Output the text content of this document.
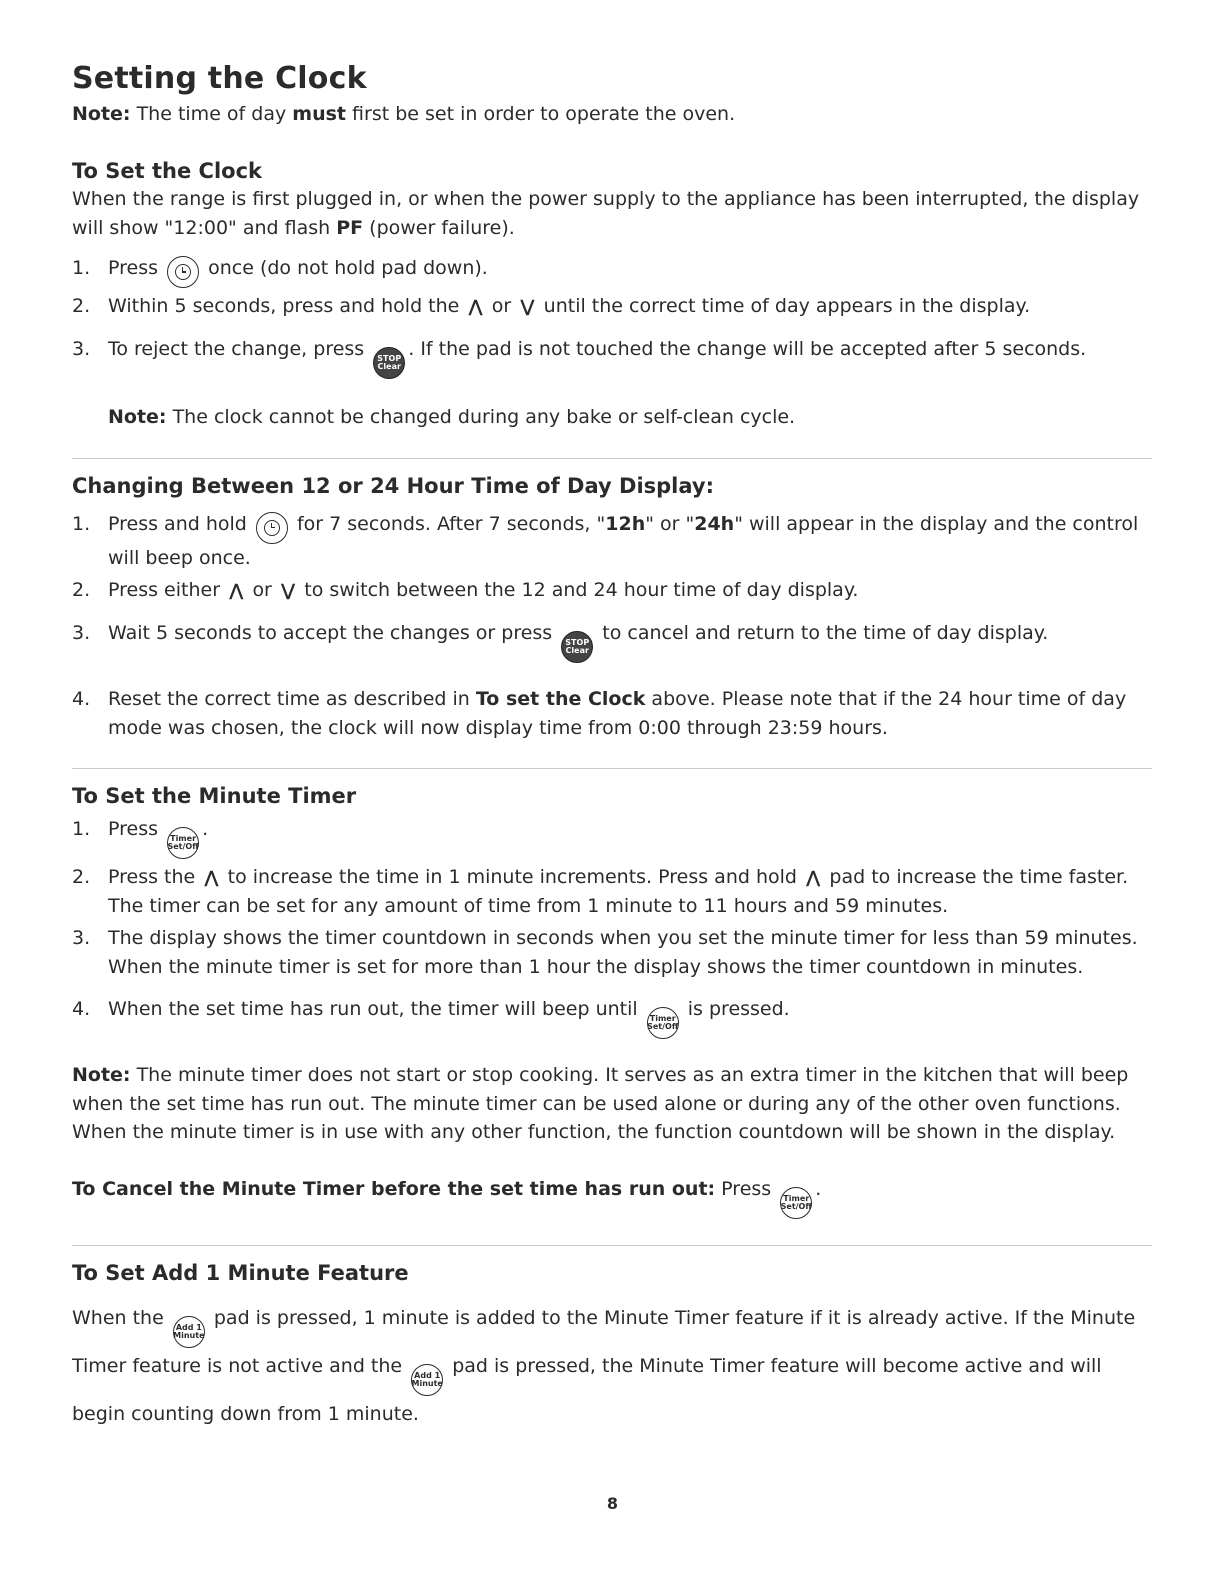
Setting the Clock

Note: The time of day must first be set in order to operate the oven.

To Set the Clock

When the range is first plugged in, or when the power supply to the appliance has been interrupted, the display will show "12:00" and flash PF (power failure).

1. Press	once (do not hold pad down).
2. Within 5 seconds, press and hold the ⋀ or ⋁ until the correct time of day appears in the display.
3. To reject the change, press STOP
Clear
. If the pad is not touched the change will be accepted after 5 seconds.

Note: The clock cannot be changed during any bake or self-clean cycle.

Changing Between 12 or 24 Hour Time of Day Display:
1. Press and hold	for 7 seconds. After 7 seconds, "12h" or "24h" will appear in the display and the control will beep once.
2. Press either ⋀ or ⋁ to switch between the 12 and 24 hour time of day display.
3. Wait 5 seconds to accept the changes or press STOP
Clear
to cancel and return to the time of day display.
4. Reset the correct time as described in To set the Clock above. Please note that if the 24 hour time of day mode was chosen, the clock will now display time from 0:00 through 23:59 hours.
To Set the Minute Timer
1. Press	Timer
Set/Off
.
2. Press the ⋀ to increase the time in 1 minute increments. Press and hold ⋀ pad to increase the time faster. The timer can be set for any amount of time from 1 minute to 11 hours and 59 minutes.
3. The display shows the timer countdown in seconds when you set the minute timer for less than 59 minutes. When the minute timer is set for more than 1 hour the display shows the timer countdown in minutes.
4. When the set time has run out, the timer will beep until	Timer
Set/Off
is pressed.

Note: The minute timer does not start or stop cooking. It serves as an extra timer in the kitchen that will beep when the set time has run out. The minute timer can be used alone or during any of the other oven functions. When the minute timer is in use with any other function, the function countdown will be shown in the display.

To Cancel the Minute Timer before the set time has run out: Press	Timer
Set/Off
.

To Set Add 1 Minute Feature

When the	Add 1
Minute
pad is pressed, 1 minute is added to the Minute Timer feature if it is already active. If the Minute Timer feature is not active and the	Add 1
Minute
pad is pressed, the Minute Timer feature will become active and will begin counting down from 1 minute.

8
